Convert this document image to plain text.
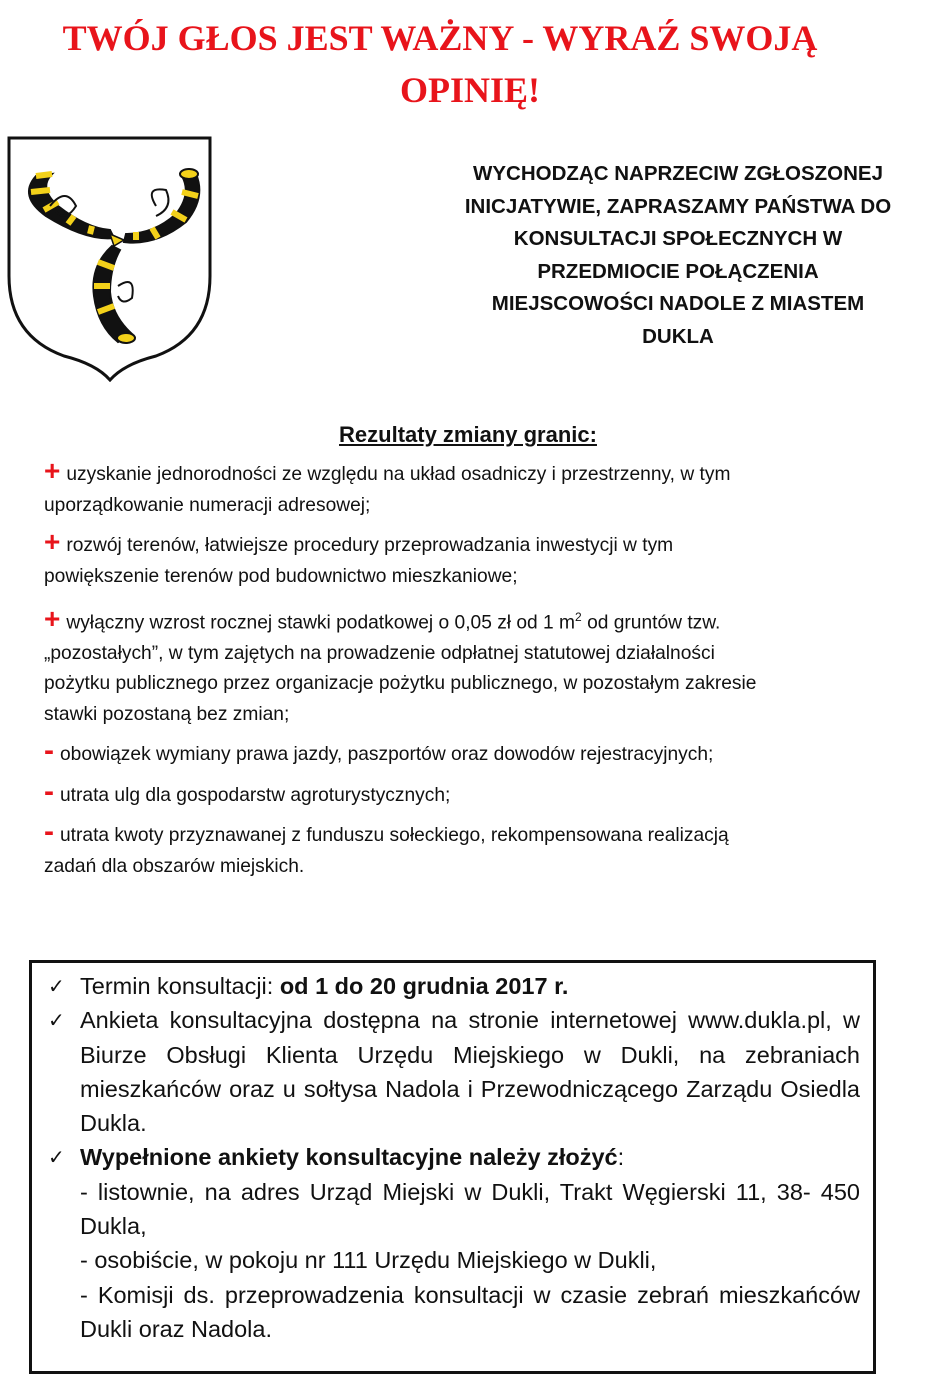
TWÓJ GŁOS JEST WAŻNY - WYRAŹ SWOJĄ
OPINIĘ!
WYCHODZĄC NAPRZECIW ZGŁOSZONEJ
INICJATYWIE, ZAPRASZAMY PAŃSTWA DO
KONSULTACJI SPOŁECZNYCH W
PRZEDMIOCIE POŁĄCZENIA
MIEJSCOWOŚCI NADOLE Z MIASTEM
DUKLA
Rezultaty zmiany granic:
+ uzyskanie jednorodności ze względu na układ osadniczy i przestrzenny, w tym
uporządkowanie numeracji adresowej;
+ rozwój terenów, łatwiejsze procedury przeprowadzania inwestycji w tym
powiększenie terenów pod budownictwo mieszkaniowe;
+ wyłączny wzrost rocznej stawki podatkowej o 0,05 zł od 1 $m^2$ od gruntów tzw.
„pozostałych”, w tym zajętych na prowadzenie odpłatnej statutowej działalności
pożytku publicznego przez organizacje pożytku publicznego, w pozostałym zakresie
stawki pozostaną bez zmian;
- obowiązek wymiany prawa jazdy, paszportów oraz dowodów rejestracyjnych;
- utrata ulg dla gospodarstw agroturystycznych;
- utrata kwoty przyznawanej z funduszu sołeckiego, rekompensowana realizacją
zadań dla obszarów miejskich.
✓ Termin konsultacji: od 1 do 20 grudnia 2017 r.
✓ Ankieta konsultacyjna dostępna na stronie internetowej www.dukla.pl, w Biurze Obsługi Klienta Urzędu Miejskiego w Dukli, na zebraniach mieszkańców oraz u sołtysa Nadola i Przewodniczącego Zarządu Osiedla Dukla.

✓ Wypełnione ankiety konsultacyjne należy złożyć:

- listownie, na adres Urząd Miejski w Dukli, Trakt Węgierski 11, 38- 450 Dukla,

- osobiście, w pokoju nr 111 Urzędu Miejskiego w Dukli,

- Komisji ds. przeprowadzenia konsultacji w czasie zebrań mieszkańców Dukli oraz Nadola.
